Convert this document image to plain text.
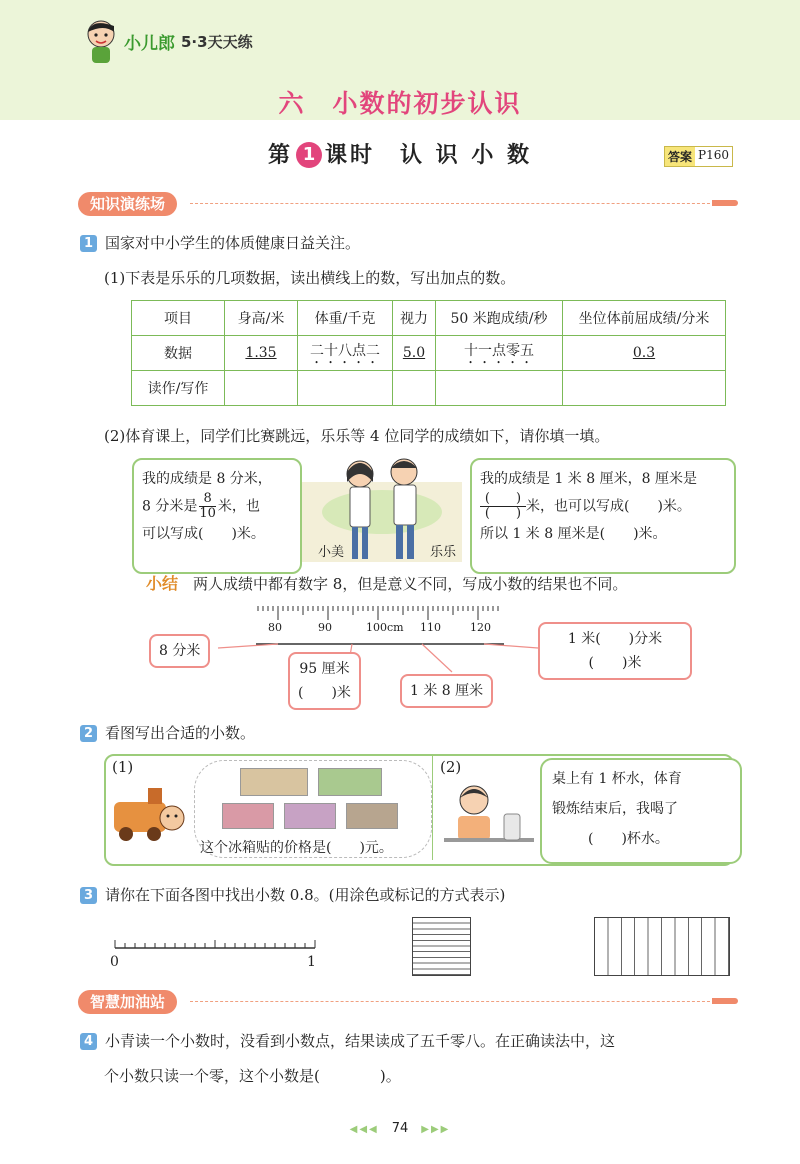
小儿郎 5·3天天练
六　小数的初步认识
第 1 课时　认 识 小 数	答案 P160
知识演练场
1 国家对中小学生的体质健康日益关注。
(1)下表是乐乐的几项数据，读出横线上的数，写出加点的数。
项目	身高/米	体重/千克	视力	50 米跑成绩/秒	坐位体前屈成绩/分米
数据	1.35	二十八点二	5.0	十一点零五	0.3
读作/写作					
(2)体育课上，同学们比赛跳远，乐乐等 4 位同学的成绩如下，请你填一填。
我的成绩是 8 分米，
8 分米是 $\frac{8}{10}$ 米，也
可以写成(　　)米。
小美	乐乐
我的成绩是 1 米 8 厘米，8 厘米是
(　　)
(　　) 米，也可以写成(　　)米。
所以 1 米 8 厘米是(　　)米。
小结　 两人成绩中都有数字 8，但是意义不同，写成小数的结果也不同。
80	90	100cm 110	120
8 分米
95 厘米
(　　)米	1 米 8 厘米
1 米(　　)分米
(　　)米
2 看图写出合适的小数。
(1)
这个冰箱贴的价格是(　　)元。
(2)
桌上有 1 杯水，体育
锻炼结束后，我喝了
(　　)杯水。
3 请你在下面各图中找出小数 0.8。(用涂色或标记的方式表示)
0	1
智慧加油站
4 小青读一个小数时，没看到小数点，结果读成了五千零八。在正确读法中，这
个小数只读一个零，这个小数是(　　　　)。
◀◀◀　 74　 ▶▶▶
